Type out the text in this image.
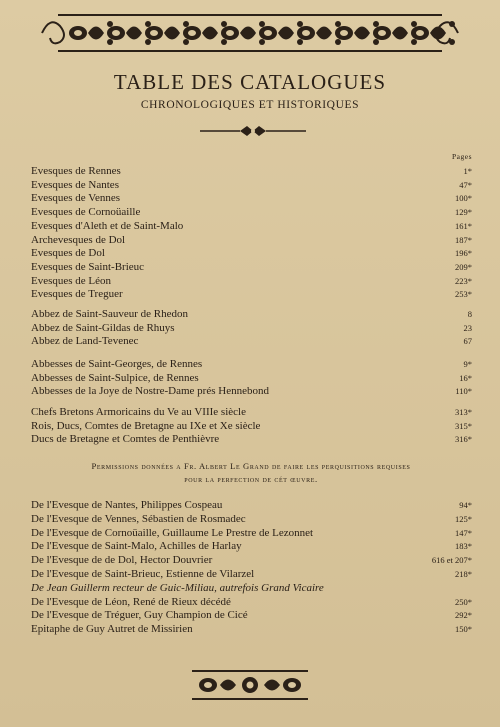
TABLE DES CATALOGUES
CHRONOLOGIQUES ET HISTORIQUES
Pages
Evesques de Rennes	1*
Evesques de Nantes	47*
Evesques de Vennes	100*
Evesques de Cornoüaille	129*
Evesques d'Aleth et de Saint-Malo	161*
Archevesques de Dol	187*
Evesques de Dol	196*
Evesques de Saint-Brieuc	209*
Evesques de Léon	223*
Evesques de Treguer	253*
Abbez de Saint-Sauveur de Rhedon	8
Abbez de Saint-Gildas de Rhuys	23
Abbez de Land-Tevenec	67
Abbesses de Saint-Georges, de Rennes	9*
Abbesses de Saint-Sulpice, de Rennes	16*
Abbesses de la Joye de Nostre-Dame prés Hennebond	110*
Chefs Bretons Armoricains du Ve au VIIIe siècle	313*
Rois, Ducs, Comtes de Bretagne au IXe et Xe siècle	315*
Ducs de Bretagne et Comtes de Penthièvre	316*
Permissions données a Fr. Albert Le Grand de faire les perquisitions requises
pour la perfection de cét œuvre.
De l'Evesque de Nantes, Philippes Cospeau	94*
De l'Evesque de Vennes, Sébastien de Rosmadec	125*
De l'Evesque de Cornoüaille, Guillaume Le Prestre de Lezonnet	147*
De l'Evesque de Saint-Malo, Achilles de Harlay	183*
De l'Evesque de de Dol, Hector Douvrier	616 et 207*
De l'Evesque de Saint-Brieuc, Estienne de Vilarzel	218*
De Jean Guillerm recteur de Guic-Miliau, autrefois Grand Vicaire
De l'Evesque de Léon, René de Rieux décédé	250*
De l'Evesque de Tréguer, Guy Champion de Cicé	292*
Epitaphe de Guy Autret de Missirien	150*
